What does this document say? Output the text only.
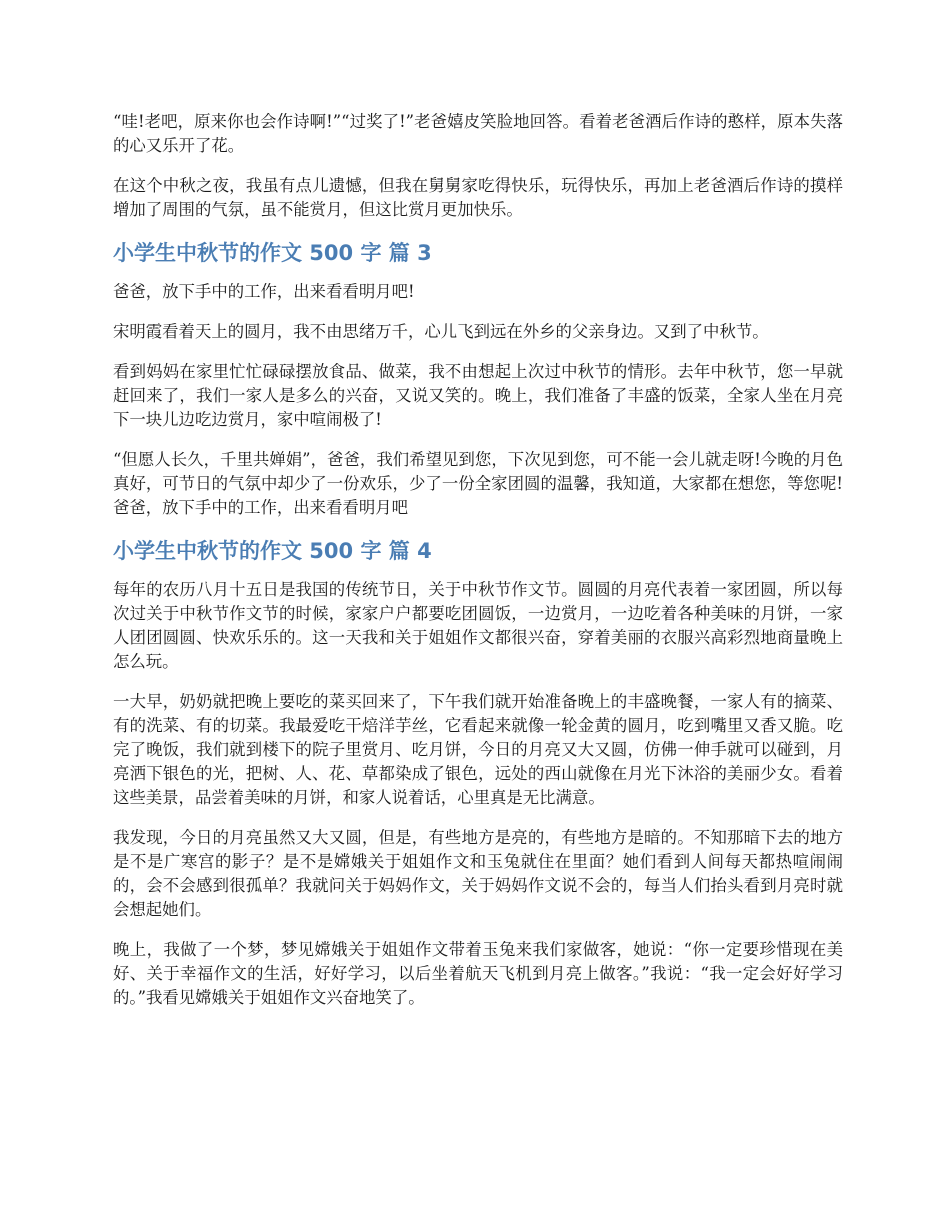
“哇!老吧，原来你也会作诗啊!”“过奖了!”老爸嬉皮笑脸地回答。看着老爸酒后作诗的憨样，原本失落的心又乐开了花。

在这个中秋之夜，我虽有点儿遗憾，但我在舅舅家吃得快乐，玩得快乐，再加上老爸酒后作诗的摸样增加了周围的气氛，虽不能赏月，但这比赏月更加快乐。

小学生中秋节的作文 500 字 篇 3

爸爸，放下手中的工作，出来看看明月吧!

宋明霞看着天上的圆月，我不由思绪万千，心儿飞到远在外乡的父亲身边。又到了中秋节。

看到妈妈在家里忙忙碌碌摆放食品、做菜，我不由想起上次过中秋节的情形。去年中秋节，您一早就赶回来了，我们一家人是多么的兴奋，又说又笑的。晚上，我们准备了丰盛的饭菜，全家人坐在月亮下一块儿边吃边赏月，家中喧闹极了!

“但愿人长久，千里共婵娟”，爸爸，我们希望见到您，下次见到您，可不能一会儿就走呀!今晚的月色真好，可节日的气氛中却少了一份欢乐，少了一份全家团圆的温馨，我知道，大家都在想您，等您呢!爸爸，放下手中的工作，出来看看明月吧

小学生中秋节的作文 500 字 篇 4

每年的农历八月十五日是我国的传统节日，关于中秋节作文节。圆圆的月亮代表着一家团圆，所以每次过关于中秋节作文节的时候，家家户户都要吃团圆饭，一边赏月，一边吃着各种美味的月饼，一家人团团圆圆、快欢乐乐的。这一天我和关于姐姐作文都很兴奋，穿着美丽的衣服兴高彩烈地商量晚上怎么玩。

一大早，奶奶就把晚上要吃的菜买回来了，下午我们就开始准备晚上的丰盛晚餐，一家人有的摘菜、有的洗菜、有的切菜。我最爱吃干焙洋芋丝，它看起来就像一轮金黄的圆月，吃到嘴里又香又脆。吃完了晚饭，我们就到楼下的院子里赏月、吃月饼，今日的月亮又大又圆，仿佛一伸手就可以碰到，月亮洒下银色的光，把树、人、花、草都染成了银色，远处的西山就像在月光下沐浴的美丽少女。看着这些美景，品尝着美味的月饼，和家人说着话，心里真是无比满意。

我发现，今日的月亮虽然又大又圆，但是，有些地方是亮的，有些地方是暗的。不知那暗下去的地方是不是广寒宫的影子？是不是嫦娥关于姐姐作文和玉兔就住在里面？她们看到人间每天都热喧闹闹的，会不会感到很孤单？我就问关于妈妈作文，关于妈妈作文说不会的，每当人们抬头看到月亮时就会想起她们。

晚上，我做了一个梦，梦见嫦娥关于姐姐作文带着玉兔来我们家做客，她说：“你一定要珍惜现在美好、关于幸福作文的生活，好好学习，以后坐着航天飞机到月亮上做客。”我说：“我一定会好好学习的。”我看见嫦娥关于姐姐作文兴奋地笑了。
